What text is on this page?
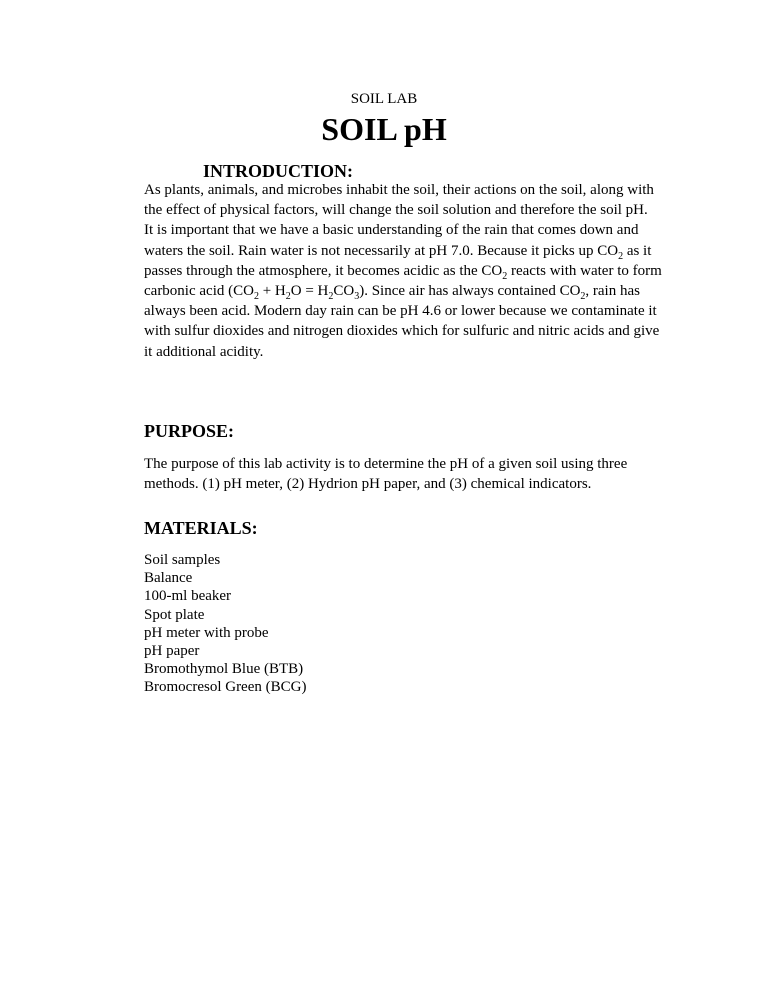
SOIL LAB
SOIL pH
INTRODUCTION:

As plants, animals, and microbes inhabit the soil, their actions on the soil, along with the effect of physical factors, will change the soil solution and therefore the soil pH.

It is important that we have a basic understanding of the rain that comes down and waters the soil. Rain water is not necessarily at pH 7.0. Because it picks up $CO_2$ as it passes through the atmosphere, it becomes acidic as the $CO_2$ reacts with water to form carbonic acid $(CO_2 + H_2O = H_2CO_3)$. Since air has always contained $CO_2$, rain has always been acid. Modern day rain can be pH 4.6 or lower because we contaminate it with sulfur dioxides and nitrogen dioxides which for sulfuric and nitric acids and give it additional acidity.

PURPOSE:

The purpose of this lab activity is to determine the pH of a given soil using three methods. (1) pH meter, (2) Hydrion pH paper, and (3) chemical indicators.

MATERIALS:
Soil samples
Balance
100-ml beaker
Spot plate
pH meter with probe
pH paper
Bromothymol Blue (BTB)
Bromocresol Green (BCG)
